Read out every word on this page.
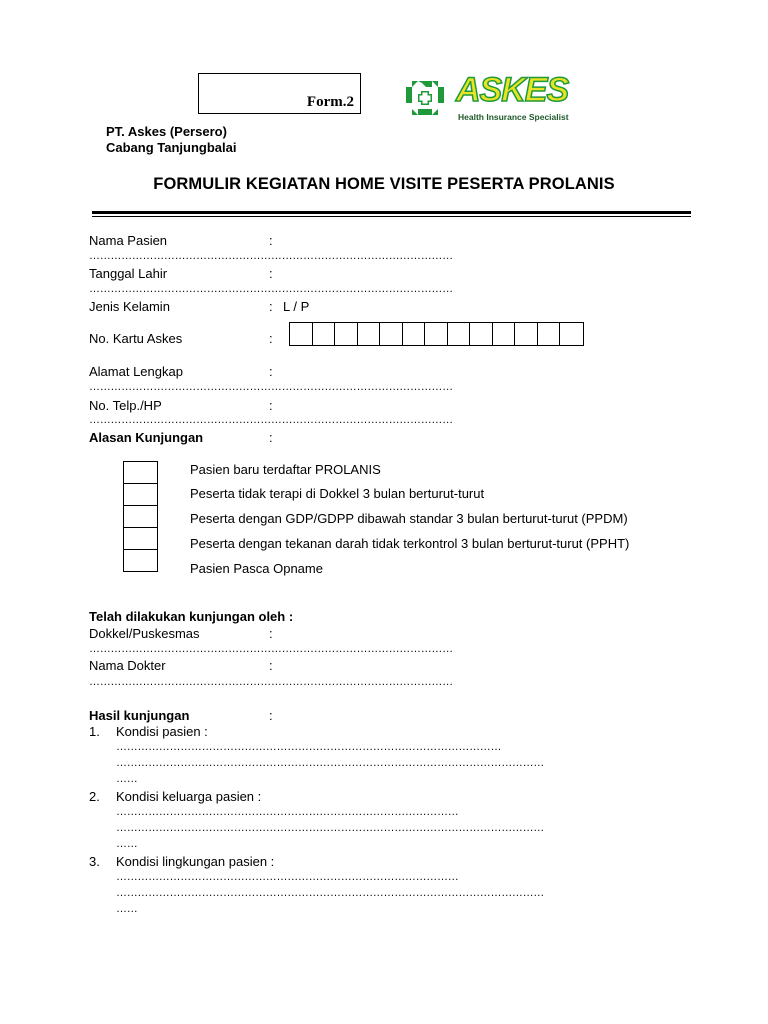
Form.2	ASKES
Health Insurance Specialist
PT. Askes (Persero)
Cabang Tanjungbalai
FORMULIR KEGIATAN HOME VISITE PESERTA PROLANIS
Nama Pasien	:
…………………………………………………………………………………………
Tanggal Lahir	:
…………………………………………………………………………………………
Jenis Kelamin	: L / P
No. Kartu Askes	:
Alamat Lengkap	:
…………………………………………………………………………………………
No. Telp./HP	:
…………………………………………………………………………………………
Alasan Kunjungan	:
Pasien baru terdaftar PROLANIS
Peserta tidak terapi di Dokkel 3 bulan berturut-turut
Peserta dengan GDP/GDPP dibawah standar 3 bulan berturut-turut (PPDM)
Peserta dengan tekanan darah tidak terkontrol 3 bulan berturut-turut (PPHT)
Pasien Pasca Opname
Telah dilakukan kunjungan oleh :
Dokkel/Puskesmas	:
…………………………………………………………………………………………
Nama Dokter	:
…………………………………………………………………………………………
Hasil kunjungan	:
1. Kondisi pasien :
………………………………………………………………………………………………
…………………………………………………………………………………………………………
……
2. Kondisi keluarga pasien :
……………………………………………………………………………………
…………………………………………………………………………………………………………
……
3. Kondisi lingkungan pasien :
……………………………………………………………………………………
…………………………………………………………………………………………………………
……
